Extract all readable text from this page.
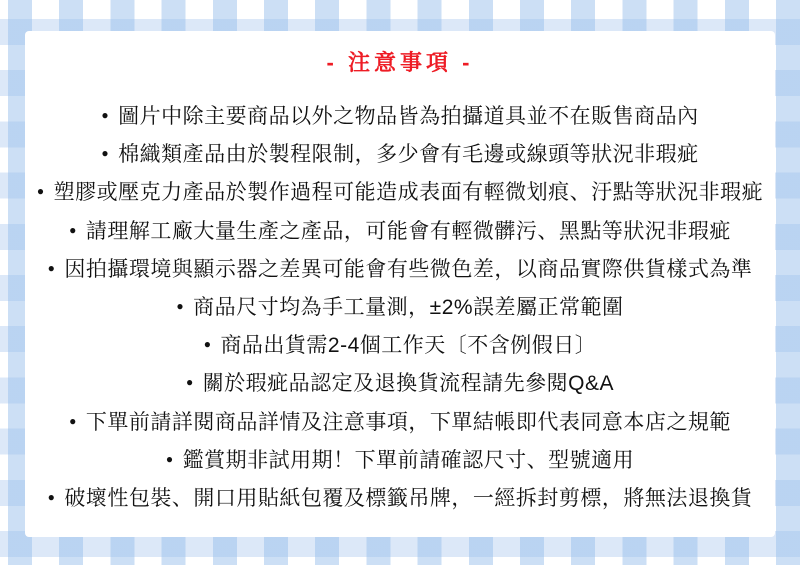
- 注意事項 -
● 圖片中除主要商品以外之物品皆為拍攝道具並不在販售商品內
● 棉織類產品由於製程限制，多少會有毛邊或線頭等狀況非瑕疵
● 塑膠或壓克力產品於製作過程可能造成表面有輕微划痕、汙點等狀況非瑕疵
● 請理解工廠大量生產之產品，可能會有輕微髒污、黑點等狀況非瑕疵
● 因拍攝環境與顯示器之差異可能會有些微色差，以商品實際供貨樣式為準
● 商品尺寸均為手工量測，±2%誤差屬正常範圍
● 商品出貨需2-4個工作天〔不含例假日〕
● 關於瑕疵品認定及退換貨流程請先參閱Q&A
● 下單前請詳閱商品詳情及注意事項，下單結帳即代表同意本店之規範
● 鑑賞期非試用期！下單前請確認尺寸、型號適用
● 破壞性包裝、開口用貼紙包覆及標籤吊牌，一經拆封剪標，將無法退換貨
